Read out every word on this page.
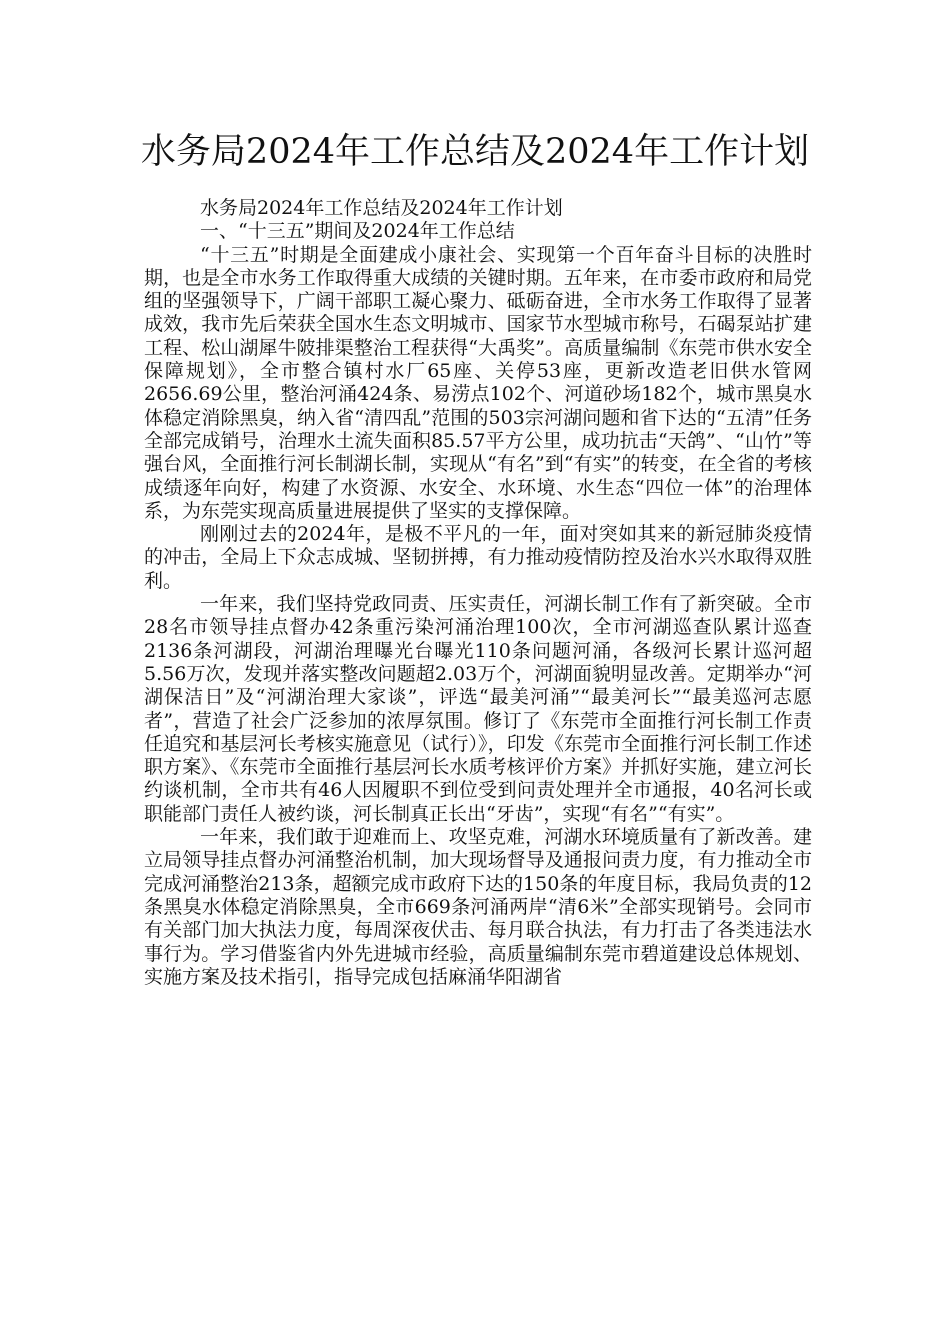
水务局2024年工作总结及2024年工作计划

水务局2024年工作总结及2024年工作计划

一、“十三五”期间及2024年工作总结

“十三五”时期是全面建成小康社会、实现第一个百年奋斗目标的决胜时期，也是全市水务工作取得重大成绩的关键时期。五年来，在市委市政府和局党组的坚强领导下，广阔干部职工凝心聚力、砥砺奋进，全市水务工作取得了显著成效，我市先后荣获全国水生态文明城市、国家节水型城市称号，石碣泵站扩建工程、松山湖犀牛陂排渠整治工程获得“大禹奖”。高质量编制《东莞市供水安全保障规划》，全市整合镇村水厂65座、关停53座，更新改造老旧供水管网2656.69公里，整治河涌424条、易涝点102个、河道砂场182个，城市黑臭水体稳定消除黑臭，纳入省“清四乱”范围的503宗河湖问题和省下达的“五清”任务全部完成销号，治理水土流失面积85.57平方公里，成功抗击“天鸽”、“山竹”等强台风，全面推行河长制湖长制，实现从“有名”到“有实”的转变，在全省的考核成绩逐年向好，构建了水资源、水安全、水环境、水生态“四位一体”的治理体系，为东莞实现高质量进展提供了坚实的支撑保障。

刚刚过去的2024年，是极不平凡的一年，面对突如其来的新冠肺炎疫情的冲击，全局上下众志成城、坚韧拼搏，有力推动疫情防控及治水兴水取得双胜利。

一年来，我们坚持党政同责、压实责任，河湖长制工作有了新突破。全市28名市领导挂点督办42条重污染河涌治理100次，全市河湖巡查队累计巡查2136条河湖段，河湖治理曝光台曝光110条问题河涌，各级河长累计巡河超5.56万次，发现并落实整改问题超2.03万个，河湖面貌明显改善。定期举办“河湖保洁日”及“河湖治理大家谈”，评选“最美河涌”“最美河长”“最美巡河志愿者”，营造了社会广泛参加的浓厚氛围。修订了《东莞市全面推行河长制工作责任追究和基层河长考核实施意见（试行）》，印发《东莞市全面推行河长制工作述职方案》、《东莞市全面推行基层河长水质考核评价方案》并抓好实施，建立河长约谈机制，全市共有46人因履职不到位受到问责处理并全市通报，40名河长或职能部门责任人被约谈，河长制真正长出“牙齿”，实现“有名”“有实”。

一年来，我们敢于迎难而上、攻坚克难，河湖水环境质量有了新改善。建立局领导挂点督办河涌整治机制，加大现场督导及通报问责力度，有力推动全市完成河涌整治213条，超额完成市政府下达的150条的年度目标，我局负责的12条黑臭水体稳定消除黑臭，全市669条河涌两岸“清6米”全部实现销号。会同市有关部门加大执法力度，每周深夜伏击、每月联合执法，有力打击了各类违法水事行为。学习借鉴省内外先进城市经验，高质量编制东莞市碧道建设总体规划、实施方案及技术指引，指导完成包括麻涌华阳湖省
